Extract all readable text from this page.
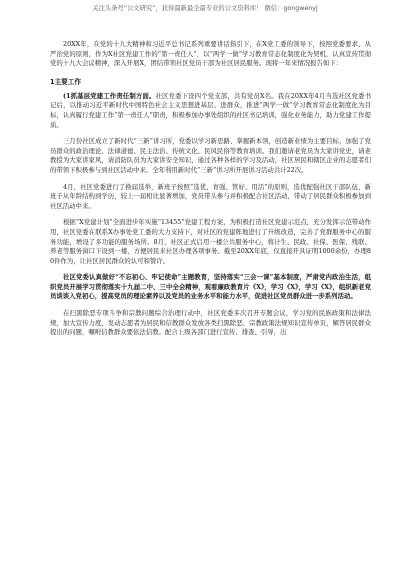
关注头条号“公文研究”，获得最新最全最专业的公文资料库！ 微信：gongwenyj

20XX年，在党的十九大精神和习近平总书记系列重要讲话指引下，在X党工委的领导下，按照党委要求、从严治党的原则，作为X社区党建工作的“第一责任人”，以“两学一做”学习教育常态化制度化为契机，认真宣传贯彻党的十九大会议精神，深入开展X，团结带领社区党员干部为社区居民服务。现将一年来情况报告如下：

1主要工作

(1抓基层党建工作责任制方面。社区党委下设四个党支部，共有党员X名。我在20XX年4月当选社区党委书记后，以推动习近平新时代中国特色社会主义思想进基层、进群众，推进“两学一做”学习教育常态化制度化为目标，认真履行党建工作“第一责任人”职责，积极参加办事处组织的社区书记培训，强化业务能力，助力党建工作提质。

三月份社区成立了新时代“三新”讲习所，党委以学习新思路、掌握新本领，创造新业绩为主要目标，加强了党员群众的政治理论、法律道德、民主法治、传统文化、民风民俗等教育培训。我们邀请老党员为大家讲党史，请老教授为大家讲家风，请消防队员为大家讲安全知识，通过各种各样的学习及活动，社区居民和辖区企业的志愿者们的带领下积极参与到社区活动中来。全年利用新时代“三新”讲习所开展讲习活动共计22次。

4月，社区党委进行了换届选举，新班子按照“选优、育强、管好、用活”的原则，选优配强社区干部队伍，新班子从年龄结构到学历，较上一届相比显著增加，党员带头参与并积极配合社区活动，带动了居民群众积极参加到社区活动中来。

根据“X党建计划”全面进步年实施“13455”党建工程方案，为积极打造社区党建示范点，充分发挥示范带动作用，社区党委在联系X办事处党工委的大力支持下，对社区的党建阵地进行了升级改造，完善了党群服务中心的服务功能，增设了多功能的服务场所。8月，社区正式启用一楼公共服务中心，将计生、民政、社保、医保、残联、养老等服务窗口下设到一楼，方便居民来社区办理各项事务。截至20XX年底，仅直接开具证明1000余份，办理80件作为，让社区居民群众的认可和赞许。

社区党委认真做好“不忘初心、牢记使命”主题教育，坚持落实“三会一课”基本制度，严肃党内政治生活，组织党员开展学习贯彻落实十九届二中、三中全会精神，观看廉政教育片《X》，学习《X》，学习《X》，组织新老党员谈谈入党初心，提高党员的理论素养以及党员的业务水平和能力水平，促进社区党员群众进一步系列活动。

在扫黑除恶专项斗争和宗教问题综合治理行动中，社区党委多次召开专题会议，学习党的民族政策和法律法规，加大宣传力度，发动志愿者为居民和信教群众发放各类扫黑除恶、宗教政策法规知识宣传单页，解答居民群众提出的问题，嘱咐信教群众要依法信教。配合上级各部门进行宣传、排查、引导，出
